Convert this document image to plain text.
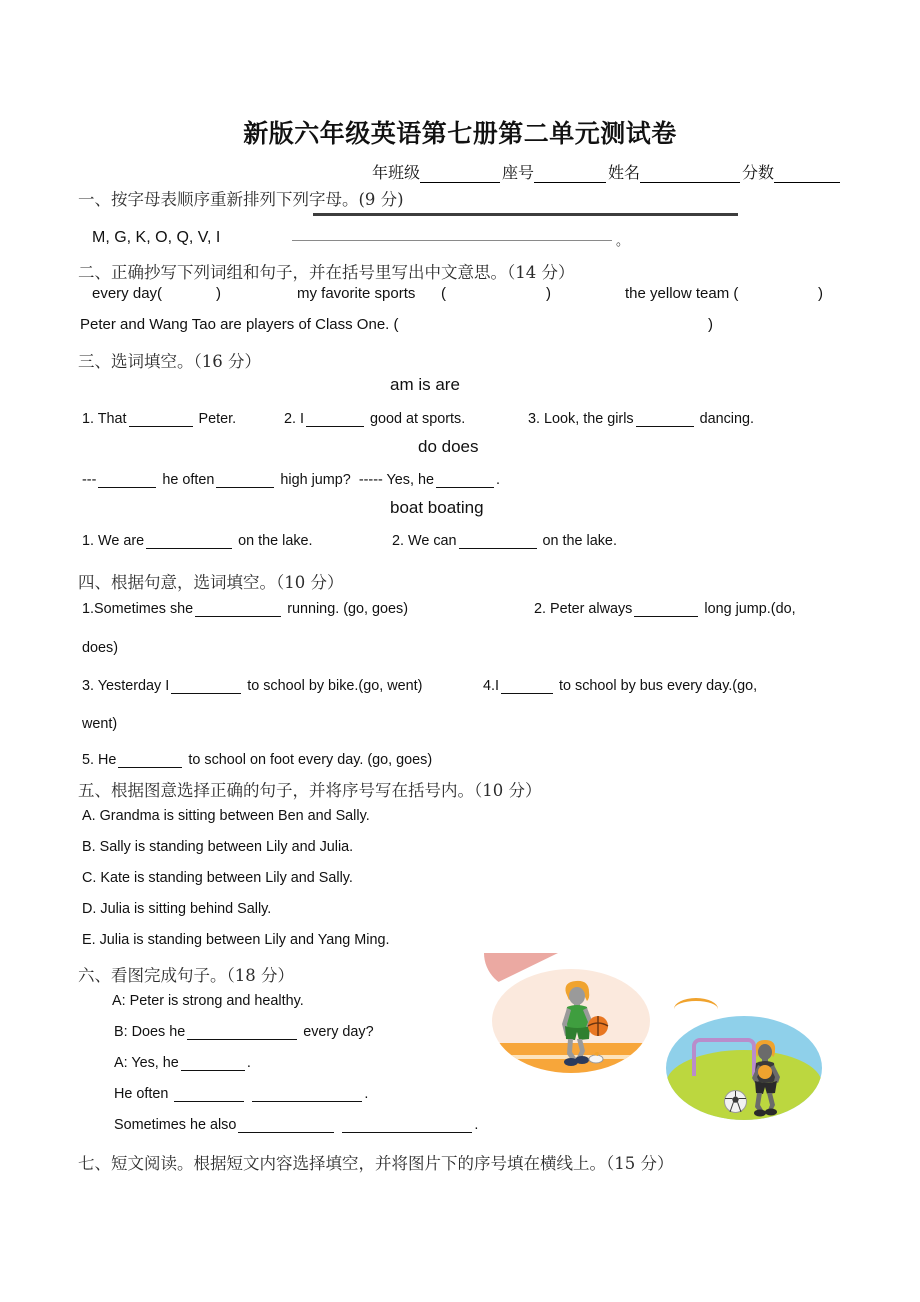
新版六年级英语第七册第二单元测试卷
年班级	座号	姓名	分数
一、按字母表顺序重新排列下列字母。(9 分)
M, G, K, O, Q, V, I	。
二、正确抄写下列词组和句子，并在括号里写出中文意思。（14 分）
every day(	)	my favorite sports (	)	the yellow team (	)
Peter and Wang Tao are players of Class One. (	)
三、选词填空。（16 分）
am is are
1. That	Peter.	2. I	good at sports.	3. Look, the girls	dancing.
do does
---	he often	high jump? ----- Yes, he	.
boat boating
1. We are	on the lake.	2. We can	on the lake.
四、根据句意，选词填空。（10 分）
1.Sometimes she	running. (go, goes)	2. Peter always	long jump.(do,
does)
3. Yesterday I	to school by bike.(go, went)	4.I	to school by bus every day.(go,
went)
5. He	to school on foot every day. (go, goes)
五、根据图意选择正确的句子，并将序号写在括号内。（10 分）
A. Grandma is sitting between Ben and Sally.
B. Sally is standing between Lily and Julia.
C. Kate is standing between Lily and Sally.
D. Julia is sitting behind Sally.
E. Julia is standing between Lily and Yang Ming.
六、看图完成句子。（18 分）
A: Peter is strong and healthy.
B: Does he	every day?
A: Yes, he	.
He often	.
Sometimes he also	.
七、短文阅读。根据短文内容选择填空，并将图片下的序号填在横线上。（15 分）
